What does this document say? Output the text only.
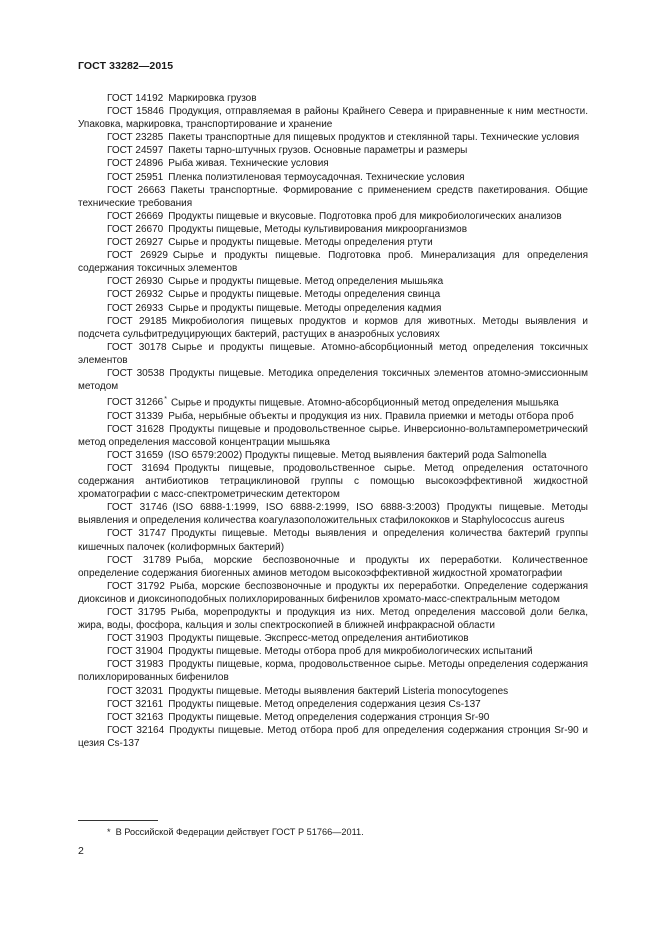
ГОСТ 33282—2015

ГОСТ 14192 Маркировка грузов

ГОСТ 15846 Продукция, отправляемая в районы Крайнего Севера и приравненные к ним местности. Упаковка, маркировка, транспортирование и хранение

ГОСТ 23285 Пакеты транспортные для пищевых продуктов и стеклянной тары. Технические условия

ГОСТ 24597 Пакеты тарно-штучных грузов. Основные параметры и размеры

ГОСТ 24896 Рыба живая. Технические условия

ГОСТ 25951 Пленка полиэтиленовая термоусадочная. Технические условия

ГОСТ 26663 Пакеты транспортные. Формирование с применением средств пакетирования. Общие технические требования

ГОСТ 26669 Продукты пищевые и вкусовые. Подготовка проб для микробиологических анализов

ГОСТ 26670 Продукты пищевые, Методы культивирования микроорганизмов

ГОСТ 26927 Сырье и продукты пищевые. Методы определения ртути

ГОСТ 26929 Сырье и продукты пищевые. Подготовка проб. Минерализация для определения содержания токсичных элементов

ГОСТ 26930 Сырье и продукты пищевые. Метод определения мышьяка

ГОСТ 26932 Сырье и продукты пищевые. Методы определения свинца

ГОСТ 26933 Сырье и продукты пищевые. Методы определения кадмия

ГОСТ 29185 Микробиология пищевых продуктов и кормов для животных. Методы выявления и подсчета сульфитредуцирующих бактерий, растущих в анаэробных условиях

ГОСТ 30178 Сырье и продукты пищевые. Атомно-абсорбционный метод определения токсичных элементов

ГОСТ 30538 Продукты пищевые. Методика определения токсичных элементов атомно-эмиссионным методом

ГОСТ 31266* Сырье и продукты пищевые. Атомно-абсорбционный метод определения мышьяка

ГОСТ 31339 Рыба, нерыбные объекты и продукция из них. Правила приемки и методы отбора проб

ГОСТ 31628 Продукты пищевые и продовольственное сырье. Инверсионно-вольтамперометрический метод определения массовой концентрации мышьяка

ГОСТ 31659 (ISO 6579:2002) Продукты пищевые. Метод выявления бактерий рода Salmonella

ГОСТ 31694 Продукты пищевые, продовольственное сырье. Метод определения остаточного содержания антибиотиков тетрациклиновой группы с помощью высокоэффективной жидкостной хроматографии с масс-спектрометрическим детектором

ГОСТ 31746 (ISO 6888-1:1999, ISO 6888-2:1999, ISO 6888-3:2003) Продукты пищевые. Методы выявления и определения количества коагулазоположительных стафилококков и Staphylococcus aureus

ГОСТ 31747 Продукты пищевые. Методы выявления и определения количества бактерий группы кишечных палочек (колиформных бактерий)

ГОСТ 31789 Рыба, морские беспозвоночные и продукты их переработки. Количественное определение содержания биогенных аминов методом высокоэффективной жидкостной хроматографии

ГОСТ 31792 Рыба, морские беспозвоночные и продукты их переработки. Определение содержания диоксинов и диоксиноподобных полихлорированных бифенилов хромато-масс-спектральным методом

ГОСТ 31795 Рыба, морепродукты и продукция из них. Метод определения массовой доли белка, жира, воды, фосфора, кальция и золы спектроскопией в ближней инфракрасной области

ГОСТ 31903 Продукты пищевые. Экспресс-метод определения антибиотиков

ГОСТ 31904 Продукты пищевые. Методы отбора проб для микробиологических испытаний

ГОСТ 31983 Продукты пищевые, корма, продовольственное сырье. Методы определения содержания полихлорированных бифенилов

ГОСТ 32031 Продукты пищевые. Методы выявления бактерий Listeria monocytogenes

ГОСТ 32161 Продукты пищевые. Метод определения содержания цезия Cs-137

ГОСТ 32163 Продукты пищевые. Метод определения содержания стронция Sr-90

ГОСТ 32164 Продукты пищевые. Метод отбора проб для определения содержания стронция Sr-90 и цезия Cs-137

* В Российской Федерации действует ГОСТ Р 51766—2011.
2
